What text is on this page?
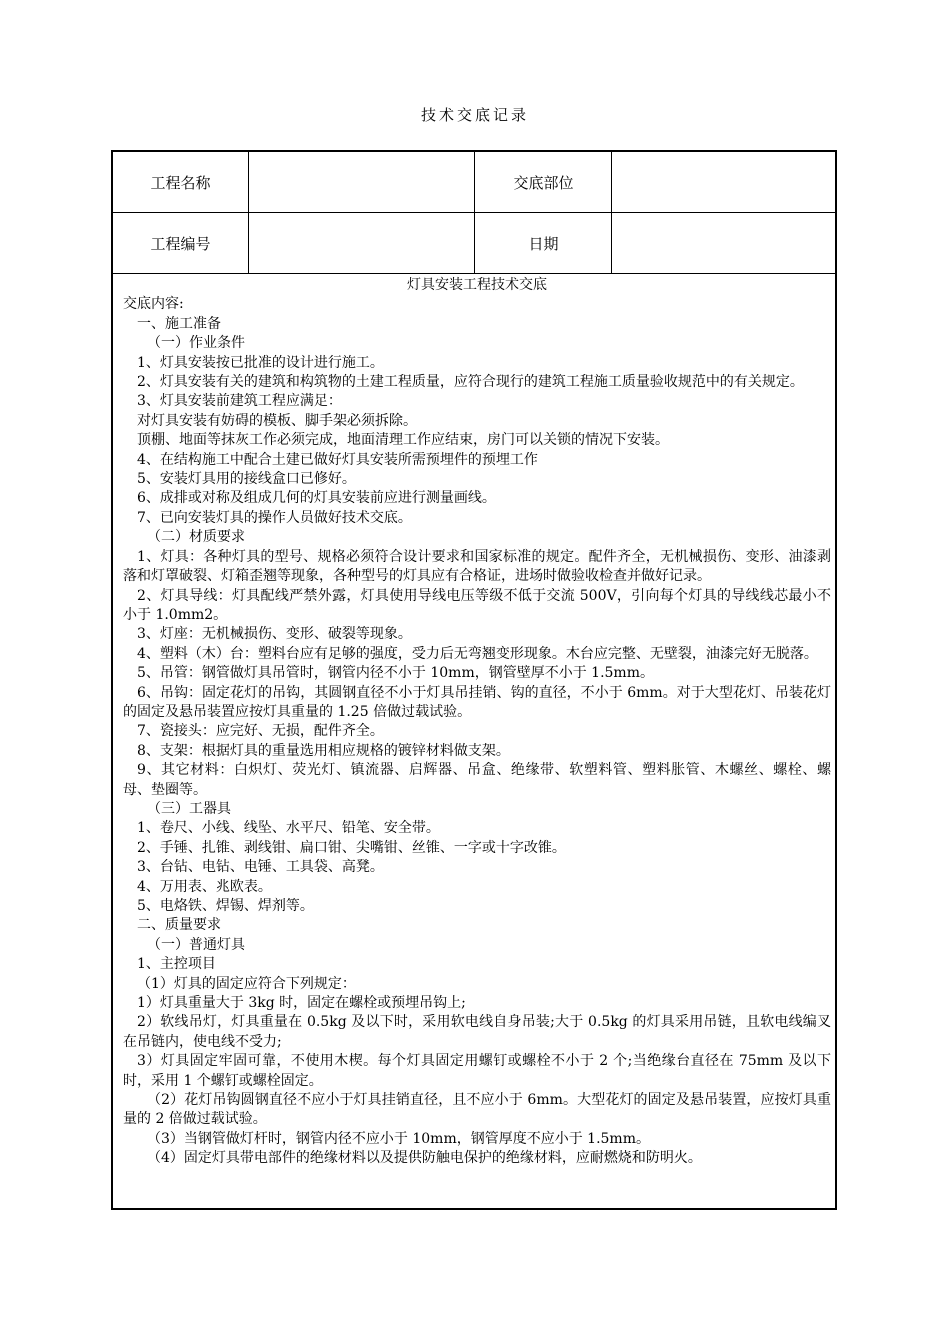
技术交底记录
工程名称	交底部位
工程编号	日期
灯具安装工程技术交底
交底内容:
一、施工准备
（一）作业条件
1、灯具安装按已批准的设计进行施工。
2、灯具安装有关的建筑和构筑物的土建工程质量，应符合现行的建筑工程施工质量验收规范中的有关规定。
3、灯具安装前建筑工程应满足：
对灯具安装有妨碍的模板、脚手架必须拆除。
顶棚、地面等抹灰工作必须完成，地面清理工作应结束，房门可以关锁的情况下安装。
4、在结构施工中配合土建已做好灯具安装所需预埋件的预埋工作
5、安装灯具用的接线盒口已修好。
6、成排或对称及组成几何的灯具安装前应进行测量画线。
7、已向安装灯具的操作人员做好技术交底。
（二）材质要求
1、灯具：各种灯具的型号、规格必须符合设计要求和国家标准的规定。配件齐全，无机械损伤、变形、油漆剥落和灯罩破裂、灯箱歪翘等现象，各种型号的灯具应有合格证，进场时做验收检查并做好记录。
2、灯具导线：灯具配线严禁外露，灯具使用导线电压等级不低于交流 500V，引向每个灯具的导线线芯最小不小于 1.0mm2。
3、灯座：无机械损伤、变形、破裂等现象。
4、塑料（木）台：塑料台应有足够的强度，受力后无弯翘变形现象。木台应完整、无壁裂，油漆完好无脱落。
5、吊管：钢管做灯具吊管时，钢管内径不小于 10mm，钢管壁厚不小于 1.5mm。
6、吊钩：固定花灯的吊钩，其圆钢直径不小于灯具吊挂销、钩的直径，不小于 6mm。对于大型花灯、吊装花灯的固定及悬吊装置应按灯具重量的 1.25 倍做过载试验。
7、瓷接头：应完好、无损，配件齐全。
8、支架：根据灯具的重量选用相应规格的镀锌材料做支架。
9、其它材料：白炽灯、荧光灯、镇流器、启辉器、吊盒、绝缘带、软塑料管、塑料胀管、木螺丝、螺栓、螺母、垫圈等。
（三）工器具
1、卷尺、小线、线坠、水平尺、铅笔、安全带。
2、手锤、扎锥、剥线钳、扁口钳、尖嘴钳、丝锥、一字或十字改锥。
3、台钻、电钻、电锤、工具袋、高凳。
4、万用表、兆欧表。
5、电烙铁、焊锡、焊剂等。
二、质量要求
（一）普通灯具
1、主控项目
（1）灯具的固定应符合下列规定：
1）灯具重量大于 3kg 时，固定在螺栓或预埋吊钩上;
2）软线吊灯，灯具重量在 0.5kg 及以下时，采用软电线自身吊装;大于 0.5kg 的灯具采用吊链，且软电线编叉在吊链内，使电线不受力;
3）灯具固定牢固可靠，不使用木楔。每个灯具固定用螺钉或螺栓不小于 2 个;当绝缘台直径在 75mm 及以下时，采用 1 个螺钉或螺栓固定。
（2）花灯吊钩圆钢直径不应小于灯具挂销直径，且不应小于 6mm。大型花灯的固定及悬吊装置，应按灯具重量的 2 倍做过载试验。
（3）当钢管做灯杆时，钢管内径不应小于 10mm，钢管厚度不应小于 1.5mm。
（4）固定灯具带电部件的绝缘材料以及提供防触电保护的绝缘材料，应耐燃烧和防明火。
